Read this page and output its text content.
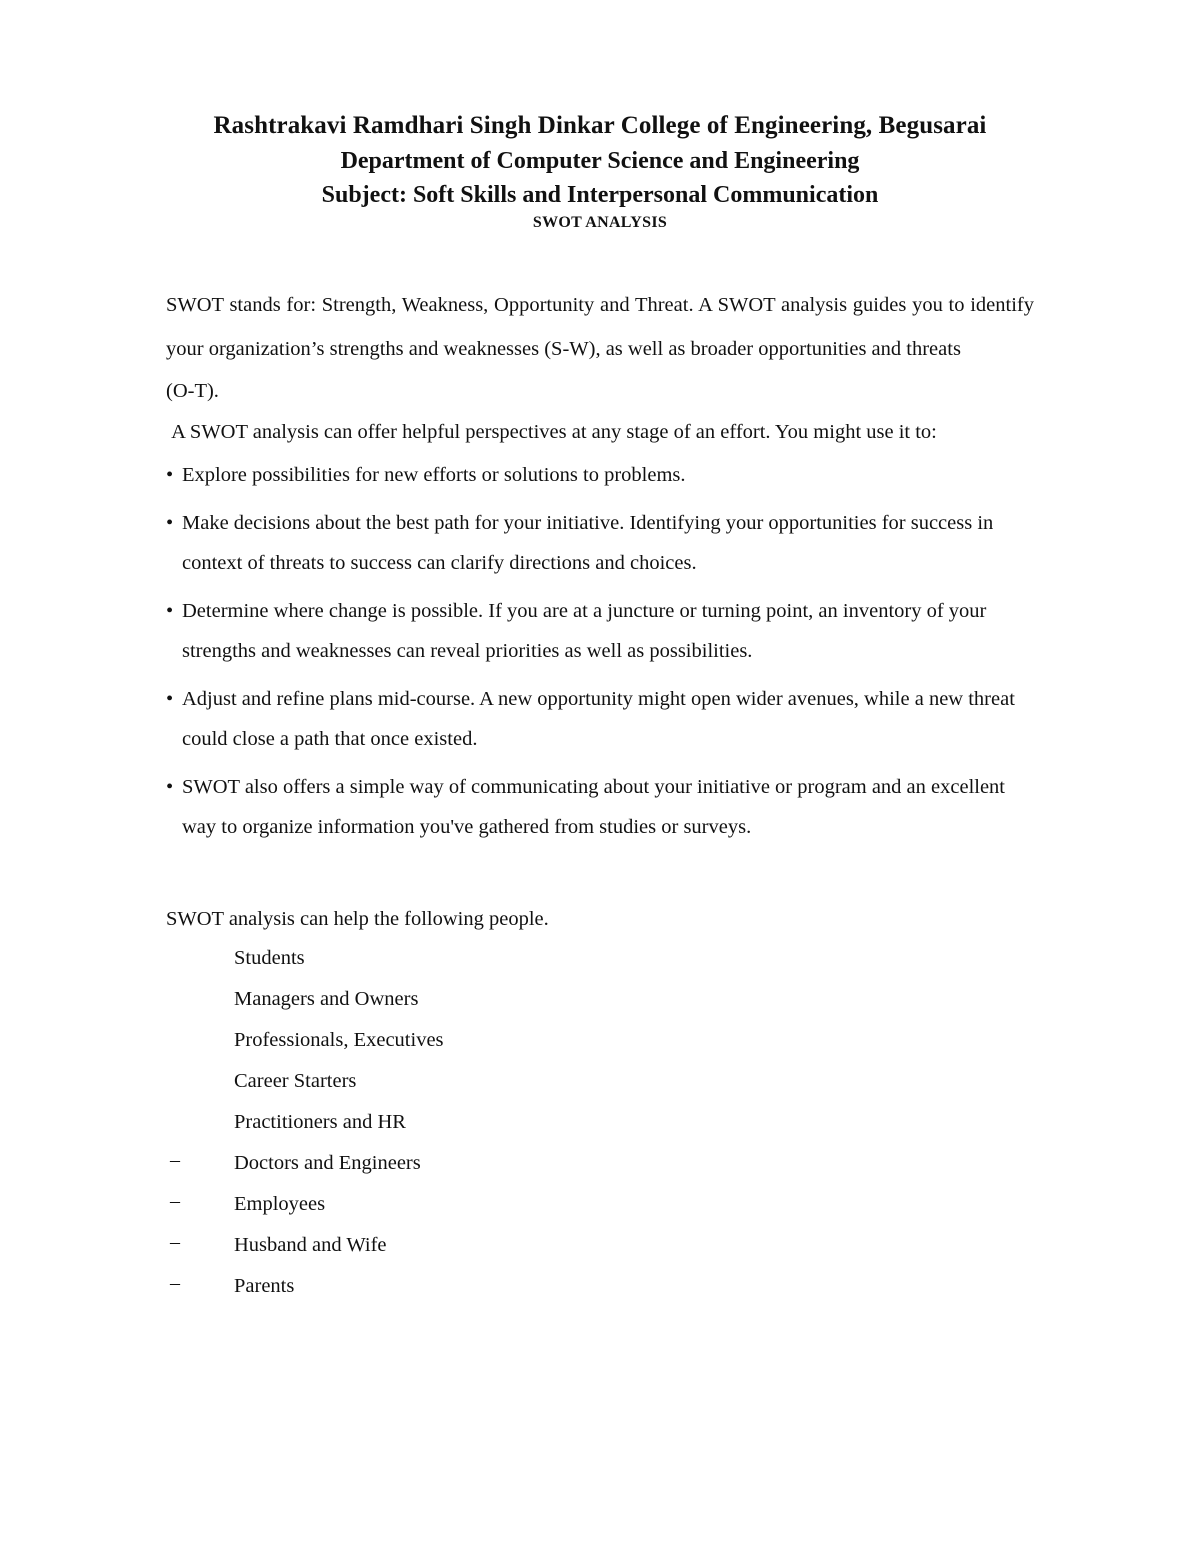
Rashtrakavi Ramdhari Singh Dinkar College of Engineering, Begusarai
Department of Computer Science and Engineering
Subject: Soft Skills and Interpersonal Communication
SWOT ANALYSIS

SWOT stands for: Strength, Weakness, Opportunity and Threat. A SWOT analysis guides you to identify your organization’s strengths and weaknesses (S-W), as well as broader opportunities and threats

(O-T).

A SWOT analysis can offer helpful perspectives at any stage of an effort. You might use it to:

• Explore possibilities for new efforts or solutions to problems.

• Make decisions about the best path for your initiative. Identifying your opportunities for success in context of threats to success can clarify directions and choices.

• Determine where change is possible. If you are at a juncture or turning point, an inventory of your strengths and weaknesses can reveal priorities as well as possibilities.

• Adjust and refine plans mid-course. A new opportunity might open wider avenues, while a new threat could close a path that once existed.

• SWOT also offers a simple way of communicating about your initiative or program and an excellent way to organize information you've gathered from studies or surveys.

SWOT analysis can help the following people.
Students
Managers and Owners
Professionals, Executives
Career Starters
Practitioners and HR
–	Doctors and Engineers
–	Employees
–	Husband and Wife
–	Parents
